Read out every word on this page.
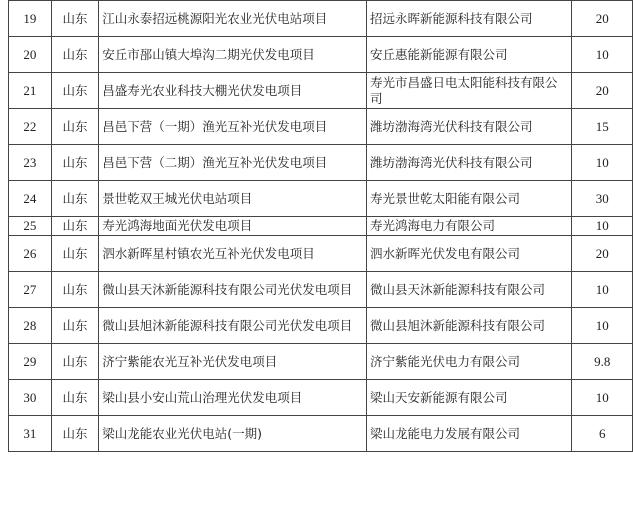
19	山东	江山永泰招远桃源阳光农业光伏电站项目	招远永晖新能源科技有限公司	20
20	山东	安丘市郚山镇大埠沟二期光伏发电项目	安丘惠能新能源有限公司	10
21	山东	昌盛寿光农业科技大棚光伏发电项目	寿光市昌盛日电太阳能科技有限公司	20
22	山东	昌邑下营（一期）渔光互补光伏发电项目	潍坊渤海湾光伏科技有限公司	15
23	山东	昌邑下营（二期）渔光互补光伏发电项目	潍坊渤海湾光伏科技有限公司	10
24	山东	景世乾双王城光伏电站项目	寿光景世乾太阳能有限公司	30
25	山东	寿光鸿海地面光伏发电项目	寿光鸿海电力有限公司	10
26	山东	泗水新晖星村镇农光互补光伏发电项目	泗水新晖光伏发电有限公司	20
27	山东	微山县天沐新能源科技有限公司光伏发电项目	微山县天沐新能源科技有限公司	10
28	山东	微山县旭沐新能源科技有限公司光伏发电项目	微山县旭沐新能源科技有限公司	10
29	山东	济宁紫能农光互补光伏发电项目	济宁紫能光伏电力有限公司	9.8
30	山东	梁山县小安山荒山治理光伏发电项目	梁山天安新能源有限公司	10
31	山东	梁山龙能农业光伏电站(一期)	梁山龙能电力发展有限公司	6
